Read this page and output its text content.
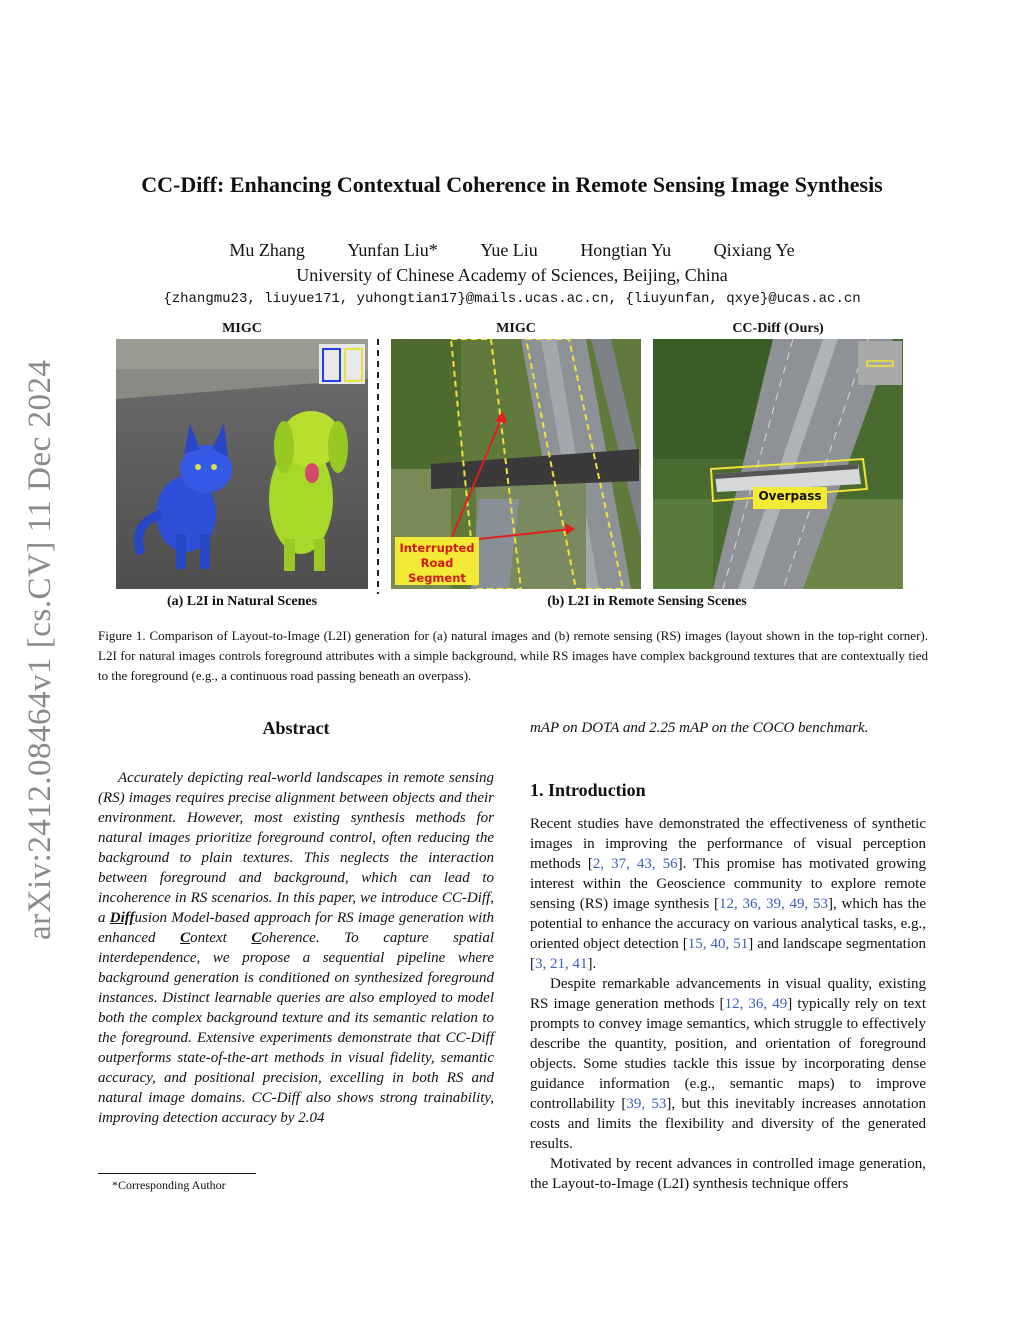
arXiv:2412.08464v1 [cs.CV] 11 Dec 2024
CC-Diff: Enhancing Contextual Coherence in Remote Sensing Image Synthesis
Mu Zhang Yunfan Liu* Yue Liu Hongtian Yu Qixiang Ye
University of Chinese Academy of Sciences, Beijing, China
{zhangmu23, liuyue171, yuhongtian17}@mails.ucas.ac.cn, {liuyunfan, qxye}@ucas.ac.cn
MIGC	MIGC	CC-Diff (Ours)
Interrupted Road Segment
Overpass
(a) L2I in Natural Scenes	(b) L2I in Remote Sensing Scenes
Figure 1. Comparison of Layout-to-Image (L2I) generation for (a) natural images and (b) remote sensing (RS) images (layout shown in the top-right corner). L2I for natural images controls foreground attributes with a simple background, while RS images have complex background textures that are contextually tied to the foreground (e.g., a continuous road passing beneath an overpass).
Abstract
Accurately depicting real-world landscapes in remote sensing (RS) images requires precise alignment between objects and their environment. However, most existing synthesis methods for natural images prioritize foreground control, often reducing the background to plain textures. This neglects the interaction between foreground and background, which can lead to incoherence in RS scenarios. In this paper, we introduce CC-Diff, a Diffusion Model-based approach for RS image generation with enhanced Context Coherence. To capture spatial interdependence, we propose a sequential pipeline where background generation is conditioned on synthesized foreground instances. Distinct learnable queries are also employed to model both the complex background texture and its semantic relation to the foreground. Extensive experiments demonstrate that CC-Diff outperforms state-of-the-art methods in visual fidelity, semantic accuracy, and positional precision, excelling in both RS and natural image domains. CC-Diff also shows strong trainability, improving detection accuracy by 2.04
*Corresponding Author
mAP on DOTA and 2.25 mAP on the COCO benchmark.
1. Introduction

Recent studies have demonstrated the effectiveness of synthetic images in improving the performance of visual perception methods [2, 37, 43, 56]. This promise has motivated growing interest within the Geoscience community to explore remote sensing (RS) image synthesis [12, 36, 39, 49, 53], which has the potential to enhance the accuracy on various analytical tasks, e.g., oriented object detection [15, 40, 51] and landscape segmentation [3, 21, 41].

Despite remarkable advancements in visual quality, existing RS image generation methods [12, 36, 49] typically rely on text prompts to convey image semantics, which struggle to effectively describe the quantity, position, and orientation of foreground objects. Some studies tackle this issue by incorporating dense guidance information (e.g., semantic maps) to improve controllability [39, 53], but this inevitably increases annotation costs and limits the flexibility and diversity of the generated results.

Motivated by recent advances in controlled image generation, the Layout-to-Image (L2I) synthesis technique offers
